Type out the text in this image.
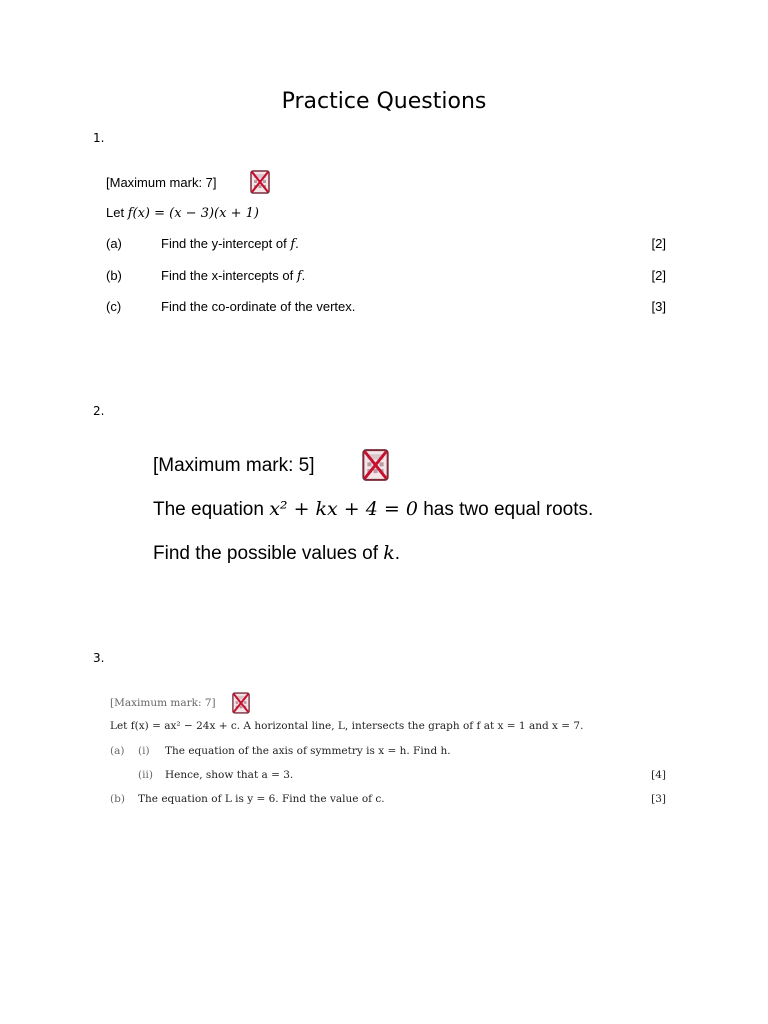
Practice Questions
1.
[Maximum mark: 7]
Let f(x) = (x − 3)(x + 1)
(a)	Find the y-intercept of f.	[2]
(b)	Find the x-intercepts of f.	[2]
(c)	Find the co-ordinate of the vertex.	[3]
2.
[Maximum mark: 5]
The equation x² + kx + 4 = 0 has two equal roots.
Find the possible values of k.
3.
[Maximum mark: 7]
Let f(x) = ax² − 24x + c. A horizontal line, L, intersects the graph of f at x = 1 and x = 7.
(a) (i) The equation of the axis of symmetry is x = h. Find h.
(ii) Hence, show that a = 3.	[4]
(b) The equation of L is y = 6. Find the value of c.	[3]
